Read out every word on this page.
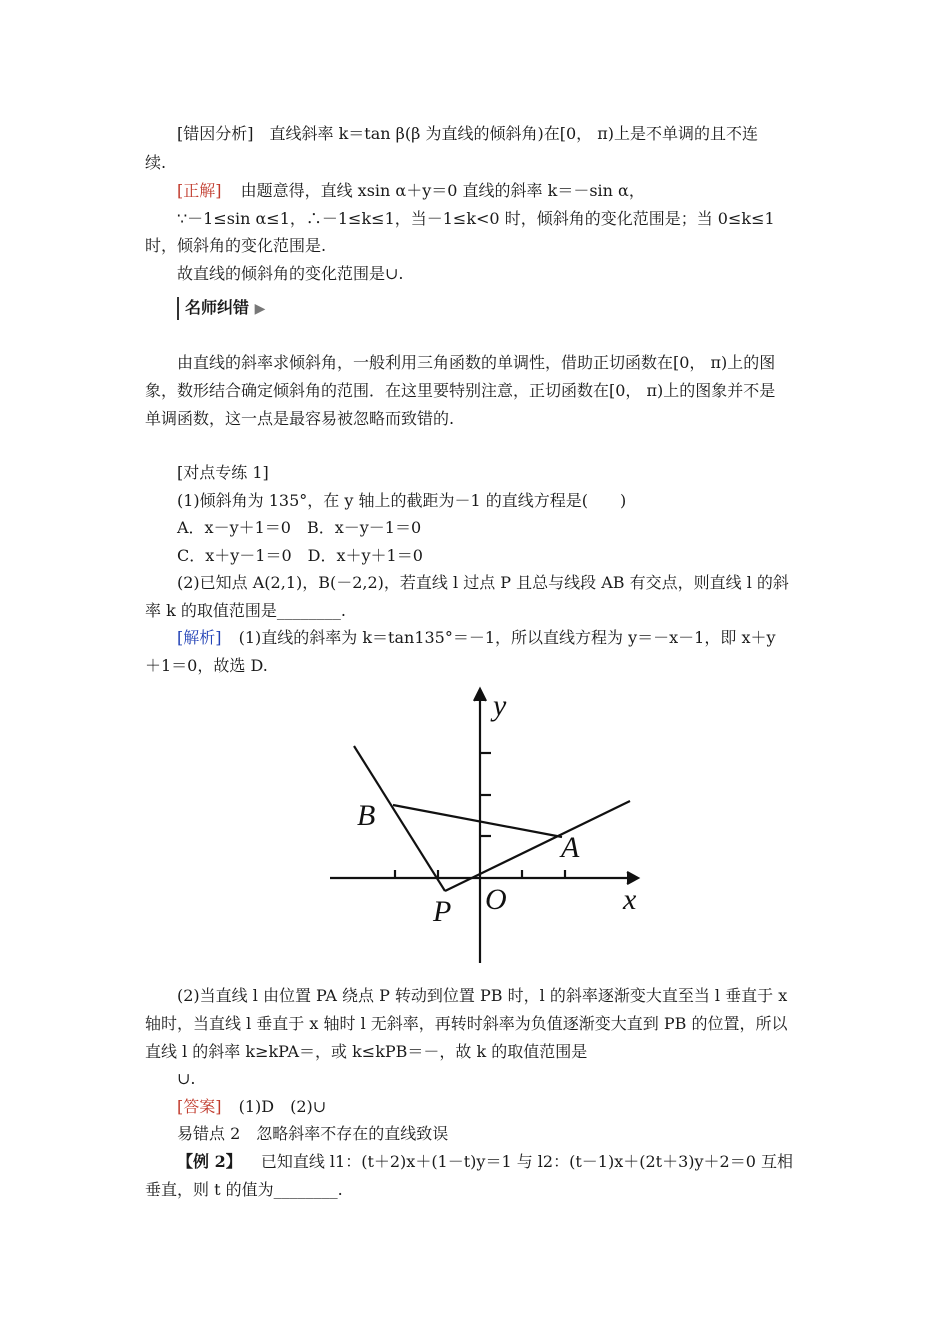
[错因分析]　直线斜率 k＝tan β(β 为直线的倾斜角)在[0， π)上是不单调的且不连
续.
[正解] 由题意得，直线 xsin α＋y＝0 直线的斜率 k＝－sin α，
∵－1≤sin α≤1，∴－1≤k≤1，当－1≤k<0 时，倾斜角的变化范围是；当 0≤k≤1
时，倾斜角的变化范围是.
故直线的倾斜角的变化范围是∪.
名师纠错 ▶
由直线的斜率求倾斜角，一般利用三角函数的单调性，借助正切函数在[0， π)上的图
象，数形结合确定倾斜角的范围．在这里要特别注意，正切函数在[0， π)上的图象并不是
单调函数，这一点是最容易被忽略而致错的.
[对点专练 1]
(1)倾斜角为 135°，在 y 轴上的截距为－1 的直线方程是(　　)
A．x－y＋1＝0　B．x－y－1＝0
C．x＋y－1＝0　D．x＋y＋1＝0
(2)已知点 A(2,1)，B(－2,2)，若直线 l 过点 P 且总与线段 AB 有交点，则直线 l 的斜
率 k 的取值范围是________.
[解析] (1)直线的斜率为 k＝tan135°＝－1，所以直线方程为 y＝－x－1，即 x＋y
＋1＝0，故选 D.
B
A
P O	x
y
(2)当直线 l 由位置 PA 绕点 P 转动到位置 PB 时，l 的斜率逐渐变大直至当 l 垂直于 x
轴时，当直线 l 垂直于 x 轴时 l 无斜率，再转时斜率为负值逐渐变大直到 PB 的位置，所以
直线 l 的斜率 k≥kPA＝，或 k≤kPB＝－，故 k 的取值范围是
∪.
[答案] (1)D　(2)∪
易错点 2　忽略斜率不存在的直线致误
【例 2】 已知直线 l1：(t＋2)x＋(1－t)y＝1 与 l2：(t－1)x＋(2t＋3)y＋2＝0 互相
垂直，则 t 的值为________.
